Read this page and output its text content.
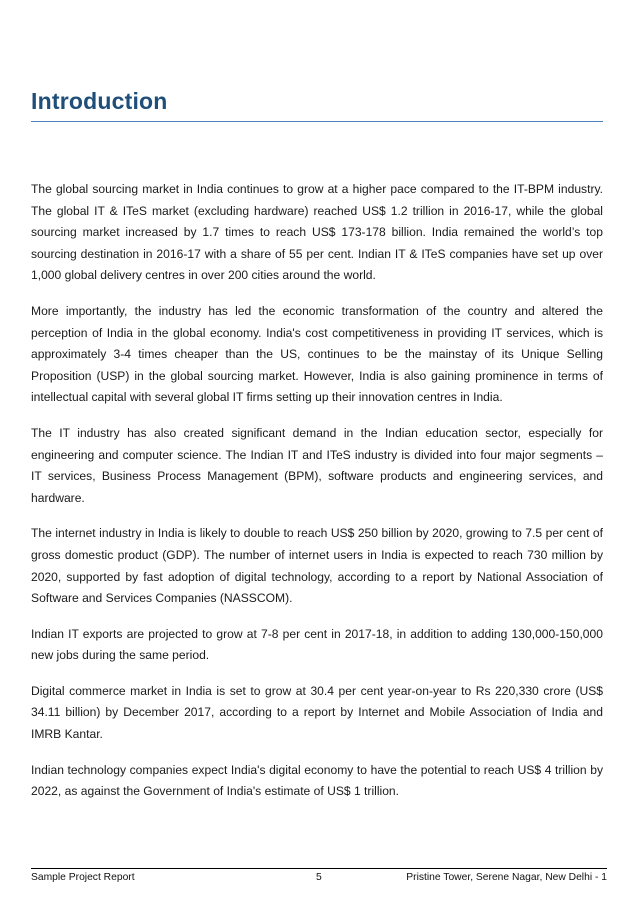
Introduction

The global sourcing market in India continues to grow at a higher pace compared to the IT-BPM industry. The global IT & ITeS market (excluding hardware) reached US$ 1.2 trillion in 2016-17, while the global sourcing market increased by 1.7 times to reach US$ 173-178 billion. India remained the world’s top sourcing destination in 2016-17 with a share of 55 per cent. Indian IT & ITeS companies have set up over 1,000 global delivery centres in over 200 cities around the world.

More importantly, the industry has led the economic transformation of the country and altered the perception of India in the global economy. India's cost competitiveness in providing IT services, which is approximately 3-4 times cheaper than the US, continues to be the mainstay of its Unique Selling Proposition (USP) in the global sourcing market. However, India is also gaining prominence in terms of intellectual capital with several global IT firms setting up their innovation centres in India.

The IT industry has also created significant demand in the Indian education sector, especially for engineering and computer science. The Indian IT and ITeS industry is divided into four major segments – IT services, Business Process Management (BPM), software products and engineering services, and hardware.

The internet industry in India is likely to double to reach US$ 250 billion by 2020, growing to 7.5 per cent of gross domestic product (GDP). The number of internet users in India is expected to reach 730 million by 2020, supported by fast adoption of digital technology, according to a report by National Association of Software and Services Companies (NASSCOM).

Indian IT exports are projected to grow at 7-8 per cent in 2017-18, in addition to adding 130,000-150,000 new jobs during the same period.

Digital commerce market in India is set to grow at 30.4 per cent year-on-year to Rs 220,330 crore (US$ 34.11 billion) by December 2017, according to a report by Internet and Mobile Association of India and IMRB Kantar.

Indian technology companies expect India's digital economy to have the potential to reach US$ 4 trillion by 2022, as against the Government of India's estimate of US$ 1 trillion.

Sample Project Report	5	Pristine Tower, Serene Nagar, New Delhi - 1
